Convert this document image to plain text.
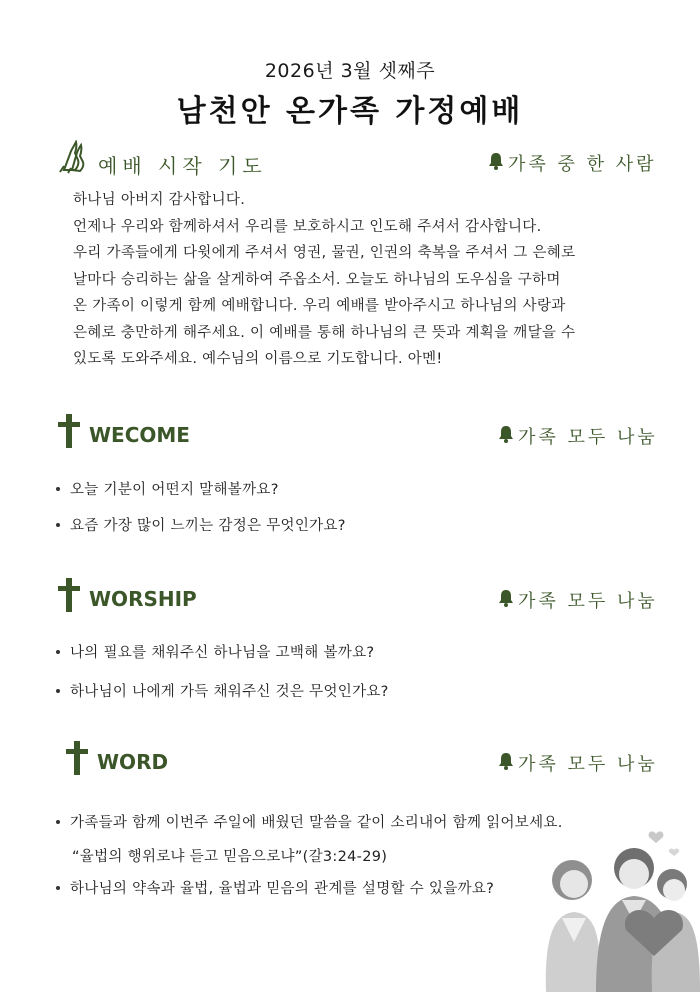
2026년 3월 셋째주
남천안 온가족 가정예배
예배 시작 기도	가족 중 한 사람

하나님 아버지 감사합니다.

언제나 우리와 함께하셔서 우리를 보호하시고 인도해 주셔서 감사합니다.

우리 가족들에게 다윗에게 주셔서 영권, 물권, 인권의 축복을 주셔서 그 은혜로

날마다 승리하는 삶을 살게하여 주옵소서. 오늘도 하나님의 도우심을 구하며

온 가족이 이렇게 함께 예배합니다. 우리 예배를 받아주시고 하나님의 사랑과

은혜로 충만하게 해주세요. 이 예배를 통해 하나님의 큰 뜻과 계획을 깨달을 수

있도록 도와주세요. 예수님의 이름으로 기도합니다. 아멘!

WECOME	가족 모두 나눔
오늘 기분이 어떤지 말해볼까요?
요즘 가장 많이 느끼는 감정은 무엇인가요?
WORSHIP	가족 모두 나눔
나의 필요를 채워주신 하나님을 고백해 볼까요?
하나님이 나에게 가득 채워주신 것은 무엇인가요?
WORD	가족 모두 나눔
가족들과 함께 이번주 주일에 배웠던 말씀을 같이 소리내어 함께 읽어보세요.
“율법의 행위로냐 듣고 믿음으로냐”(갈3:24-29)
하나님의 약속과 율법, 율법과 믿음의 관계를 설명할 수 있을까요?
